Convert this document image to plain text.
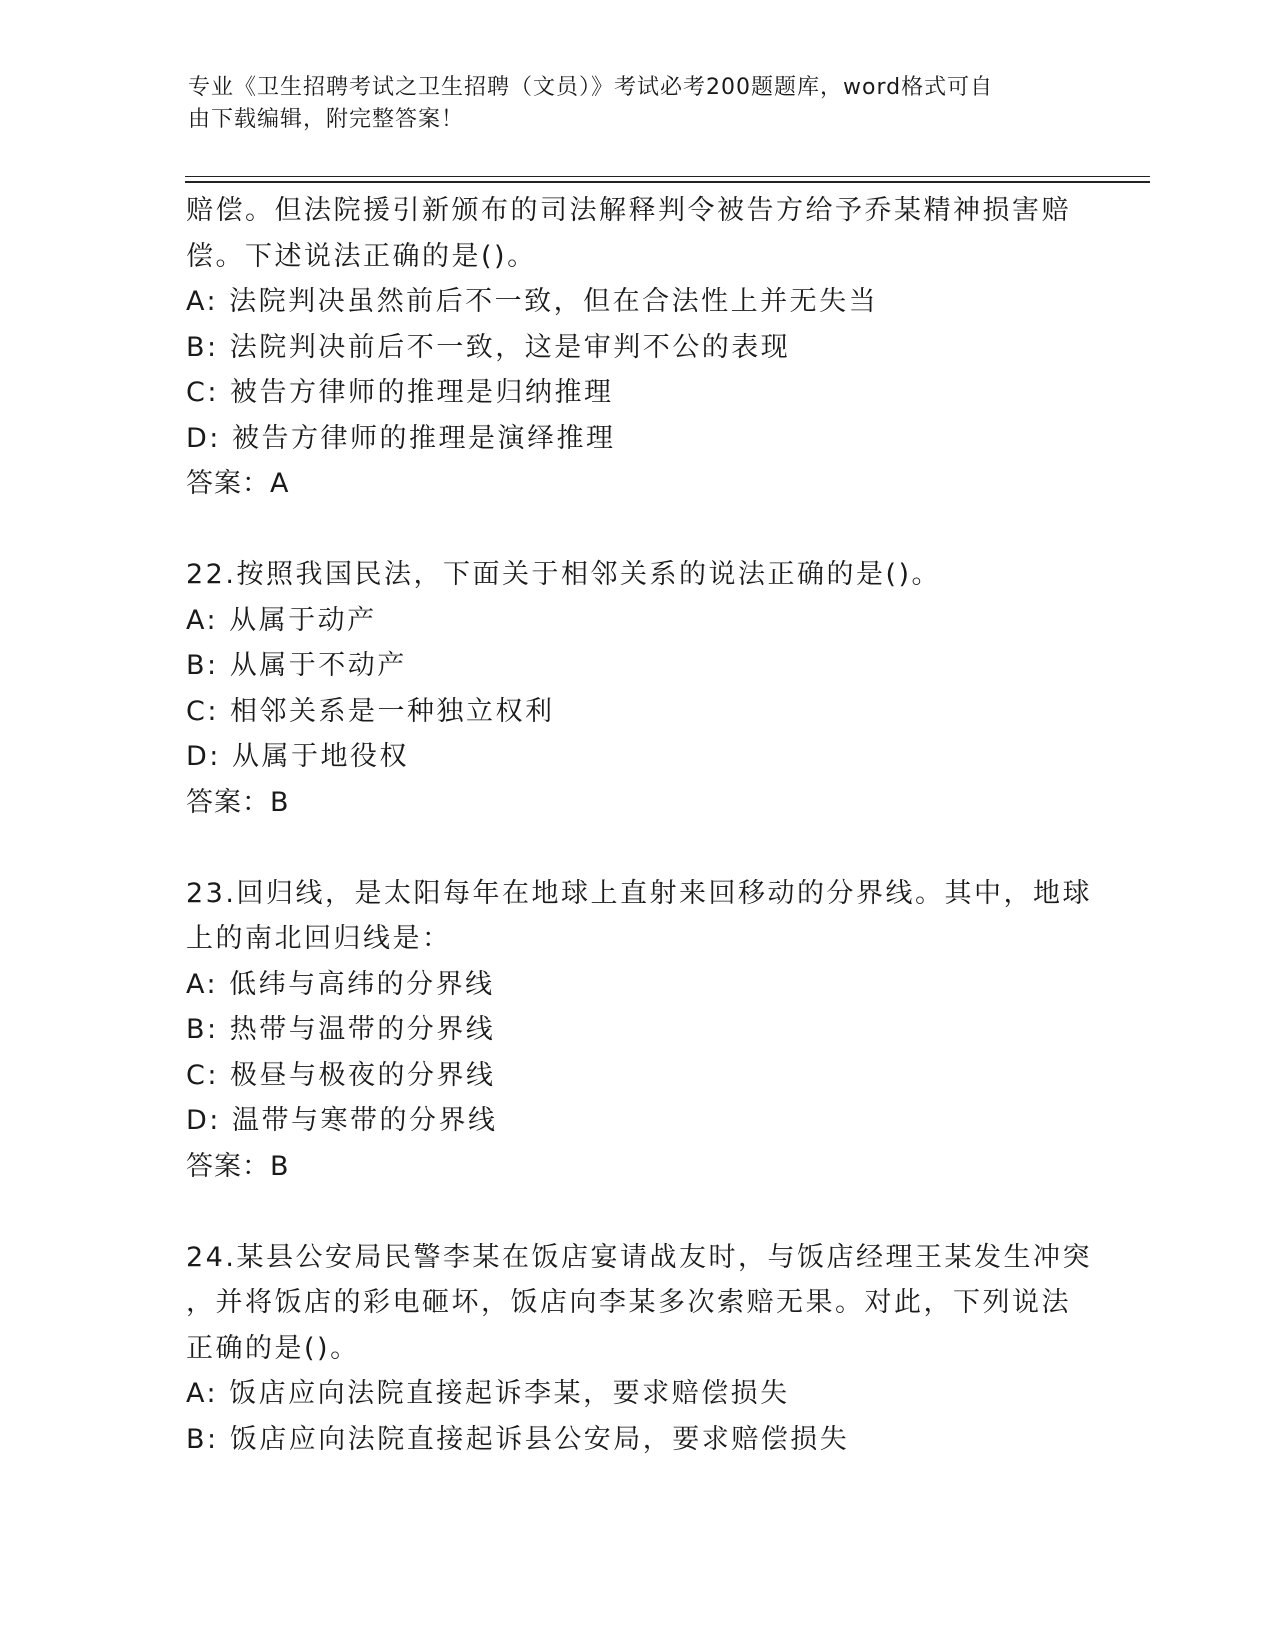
专业《卫生招聘考试之卫生招聘（文员）》考试必考200题题库，word格式可自
由下载编辑，附完整答案！
赔偿。但法院援引新颁布的司法解释判令被告方给予乔某精神损害赔
偿。下述说法正确的是()。
A: 法院判决虽然前后不一致，但在合法性上并无失当
B: 法院判决前后不一致，这是审判不公的表现
C: 被告方律师的推理是归纳推理
D: 被告方律师的推理是演绎推理
答案：A
22.按照我国民法，下面关于相邻关系的说法正确的是()。
A: 从属于动产
B: 从属于不动产
C: 相邻关系是一种独立权利
D: 从属于地役权
答案：B
23.回归线，是太阳每年在地球上直射来回移动的分界线。其中，地球
上的南北回归线是：
A: 低纬与高纬的分界线
B: 热带与温带的分界线
C: 极昼与极夜的分界线
D: 温带与寒带的分界线
答案：B
24.某县公安局民警李某在饭店宴请战友时，与饭店经理王某发生冲突
，并将饭店的彩电砸坏，饭店向李某多次索赔无果。对此，下列说法
正确的是()。
A: 饭店应向法院直接起诉李某，要求赔偿损失
B: 饭店应向法院直接起诉县公安局，要求赔偿损失
